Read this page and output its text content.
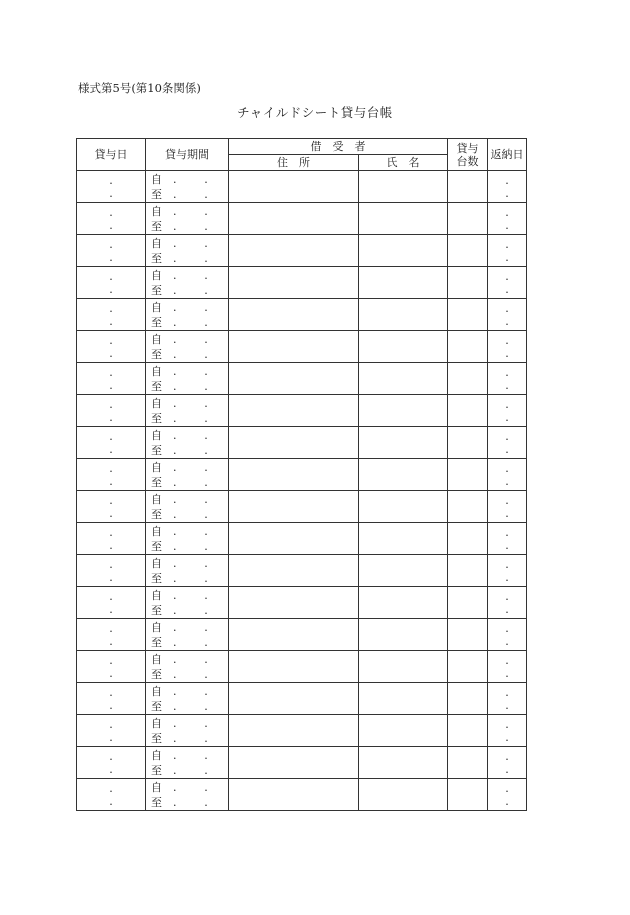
様式第5号(第10条関係)
チャイルドシート貸与台帳
貸与日	貸与期間	借　受　者		貸与
台数	返納日
		住　所	氏　名		
. .	自 . .
至 . .				. .
. .	自 . .
至 . .				. .
. .	自 . .
至 . .				. .
. .	自 . .
至 . .				. .
. .	自 . .
至 . .				. .
. .	自 . .
至 . .				. .
. .	自 . .
至 . .				. .
. .	自 . .
至 . .				. .
. .	自 . .
至 . .				. .
. .	自 . .
至 . .				. .
. .	自 . .
至 . .				. .
. .	自 . .
至 . .				. .
. .	自 . .
至 . .				. .
. .	自 . .
至 . .				. .
. .	自 . .
至 . .				. .
. .	自 . .
至 . .				. .
. .	自 . .
至 . .				. .
. .	自 . .
至 . .				. .
. .	自 . .
至 . .				. .
. .	自 . .
至 . .				. .
